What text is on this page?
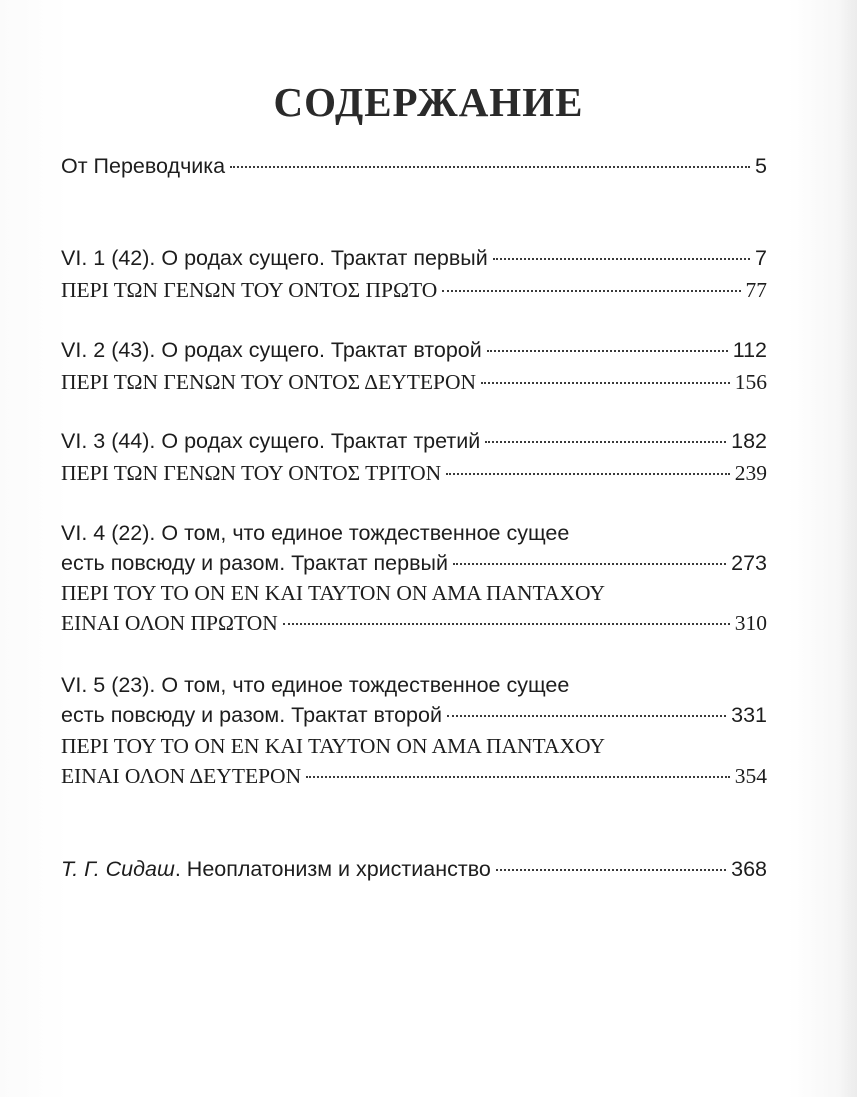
СОДЕРЖАНИЕ
От Переводчика	5
VI. 1 (42). О родах сущего. Трактат первый	7
ΠΕΡΙ ΤΩΝ ΓΕΝΩΝ ΤΟΥ ΟΝΤΟΣ ΠΡΩΤΟ	77
VI. 2 (43). О родах сущего. Трактат второй	112
ΠΕΡΙ ΤΩΝ ΓΕΝΩΝ ΤΟΥ ΟΝΤΟΣ ΔΕΥΤΕΡΟΝ	156
VI. 3 (44). О родах сущего. Трактат третий	182
ΠΕΡΙ ΤΩΝ ΓΕΝΩΝ ΤΟΥ ΟΝΤΟΣ ΤΡΙΤΟΝ	239
VI. 4 (22). О том, что единое тождественное сущее
есть повсюду и разом. Трактат первый	273
ΠΕΡΙ ΤΟΥ ΤΟ ΟΝ ΕΝ ΚΑΙ ΤΑΥΤΟΝ ΟΝ ΑΜΑ ΠΑΝΤΑΧΟΥ
ΕΙΝΑΙ ΟΛΟΝ ΠΡΩΤΟΝ	310
VI. 5 (23). О том, что единое тождественное сущее
есть повсюду и разом. Трактат второй	331
ΠΕΡΙ ΤΟΥ ΤΟ ΟΝ ΕΝ ΚΑΙ ΤΑΥΤΟΝ ΟΝ ΑΜΑ ΠΑΝΤΑΧΟΥ
ΕΙΝΑΙ ΟΛΟΝ ΔΕΥΤΕΡΟΝ	354
Т. Г. Сидаш. Неоплатонизм и христианство	368
